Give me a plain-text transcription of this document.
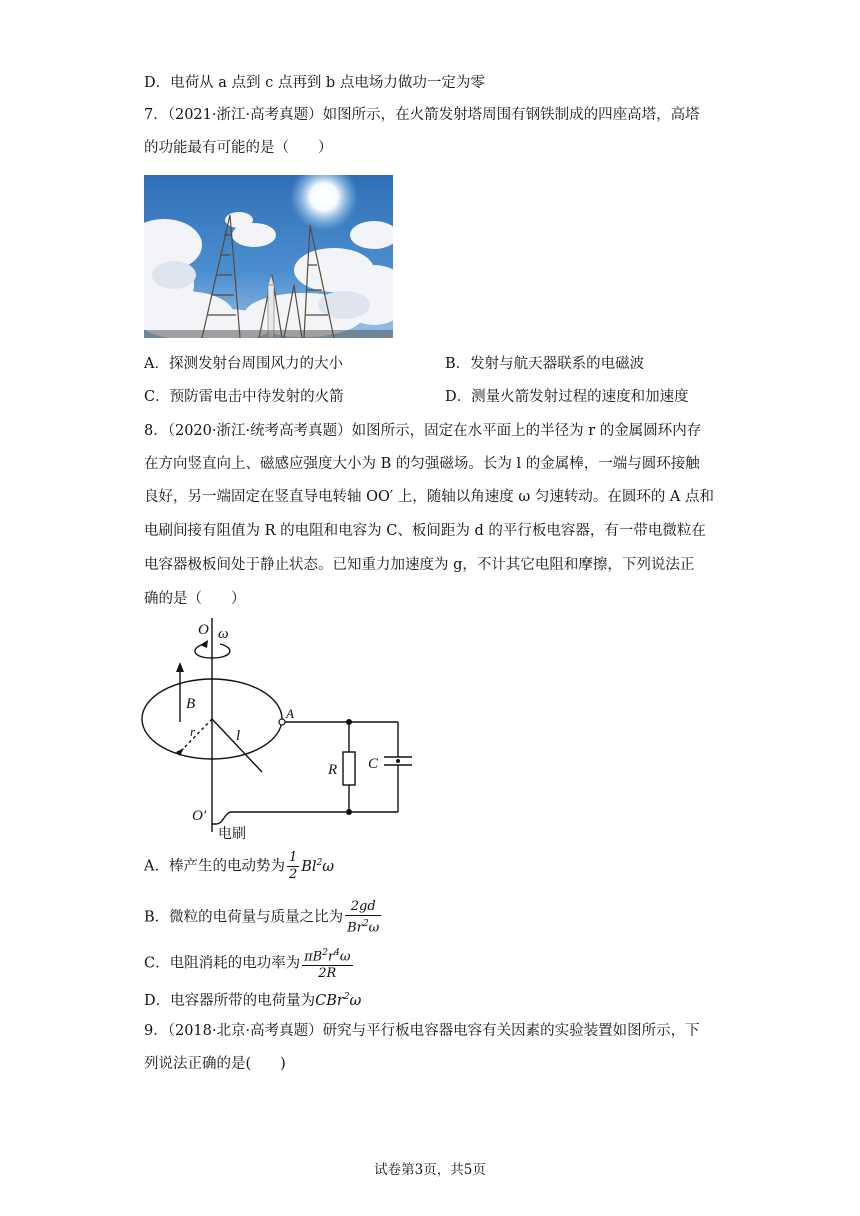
D．电荷从 a 点到 c 点再到 b 点电场力做功一定为零
7．（2021·浙江·高考真题）如图所示，在火箭发射塔周围有钢铁制成的四座高塔，高塔
的功能最有可能的是（　　）
A．探测发射台周围风力的大小	B．发射与航天器联系的电磁波
C．预防雷电击中待发射的火箭	D．测量火箭发射过程的速度和加速度
8．（2020·浙江·统考高考真题）如图所示，固定在水平面上的半径为 r 的金属圆环内存
在方向竖直向上、磁感应强度大小为 B 的匀强磁场。长为 l 的金属棒，一端与圆环接触
良好，另一端固定在竖直导电转轴 OO′ 上，随轴以角速度 ω 匀速转动。在圆环的 A 点和
电刷间接有阻值为 R 的电阻和电容为 C、板间距为 d 的平行板电容器，有一带电微粒在
电容器极板间处于静止状态。已知重力加速度为 g，不计其它电阻和摩擦，下列说法正
确的是（　　）
O ω
B
A
r	l
R C
O′
电刷
A．棒产生的电动势为 $\frac{1}{2} Bl^2\omega$
B．微粒的电荷量与质量之比为 $\frac{2gd}{Br^2\omega}$
C．电阻消耗的电功率为 $\frac{\pi B^2r^4\omega}{2R}$
D．电容器所带的电荷量为CBr$^2$ω
9．（2018·北京·高考真题）研究与平行板电容器电容有关因素的实验装置如图所示，下
列说法正确的是(　　)
试卷第3页，共5页
